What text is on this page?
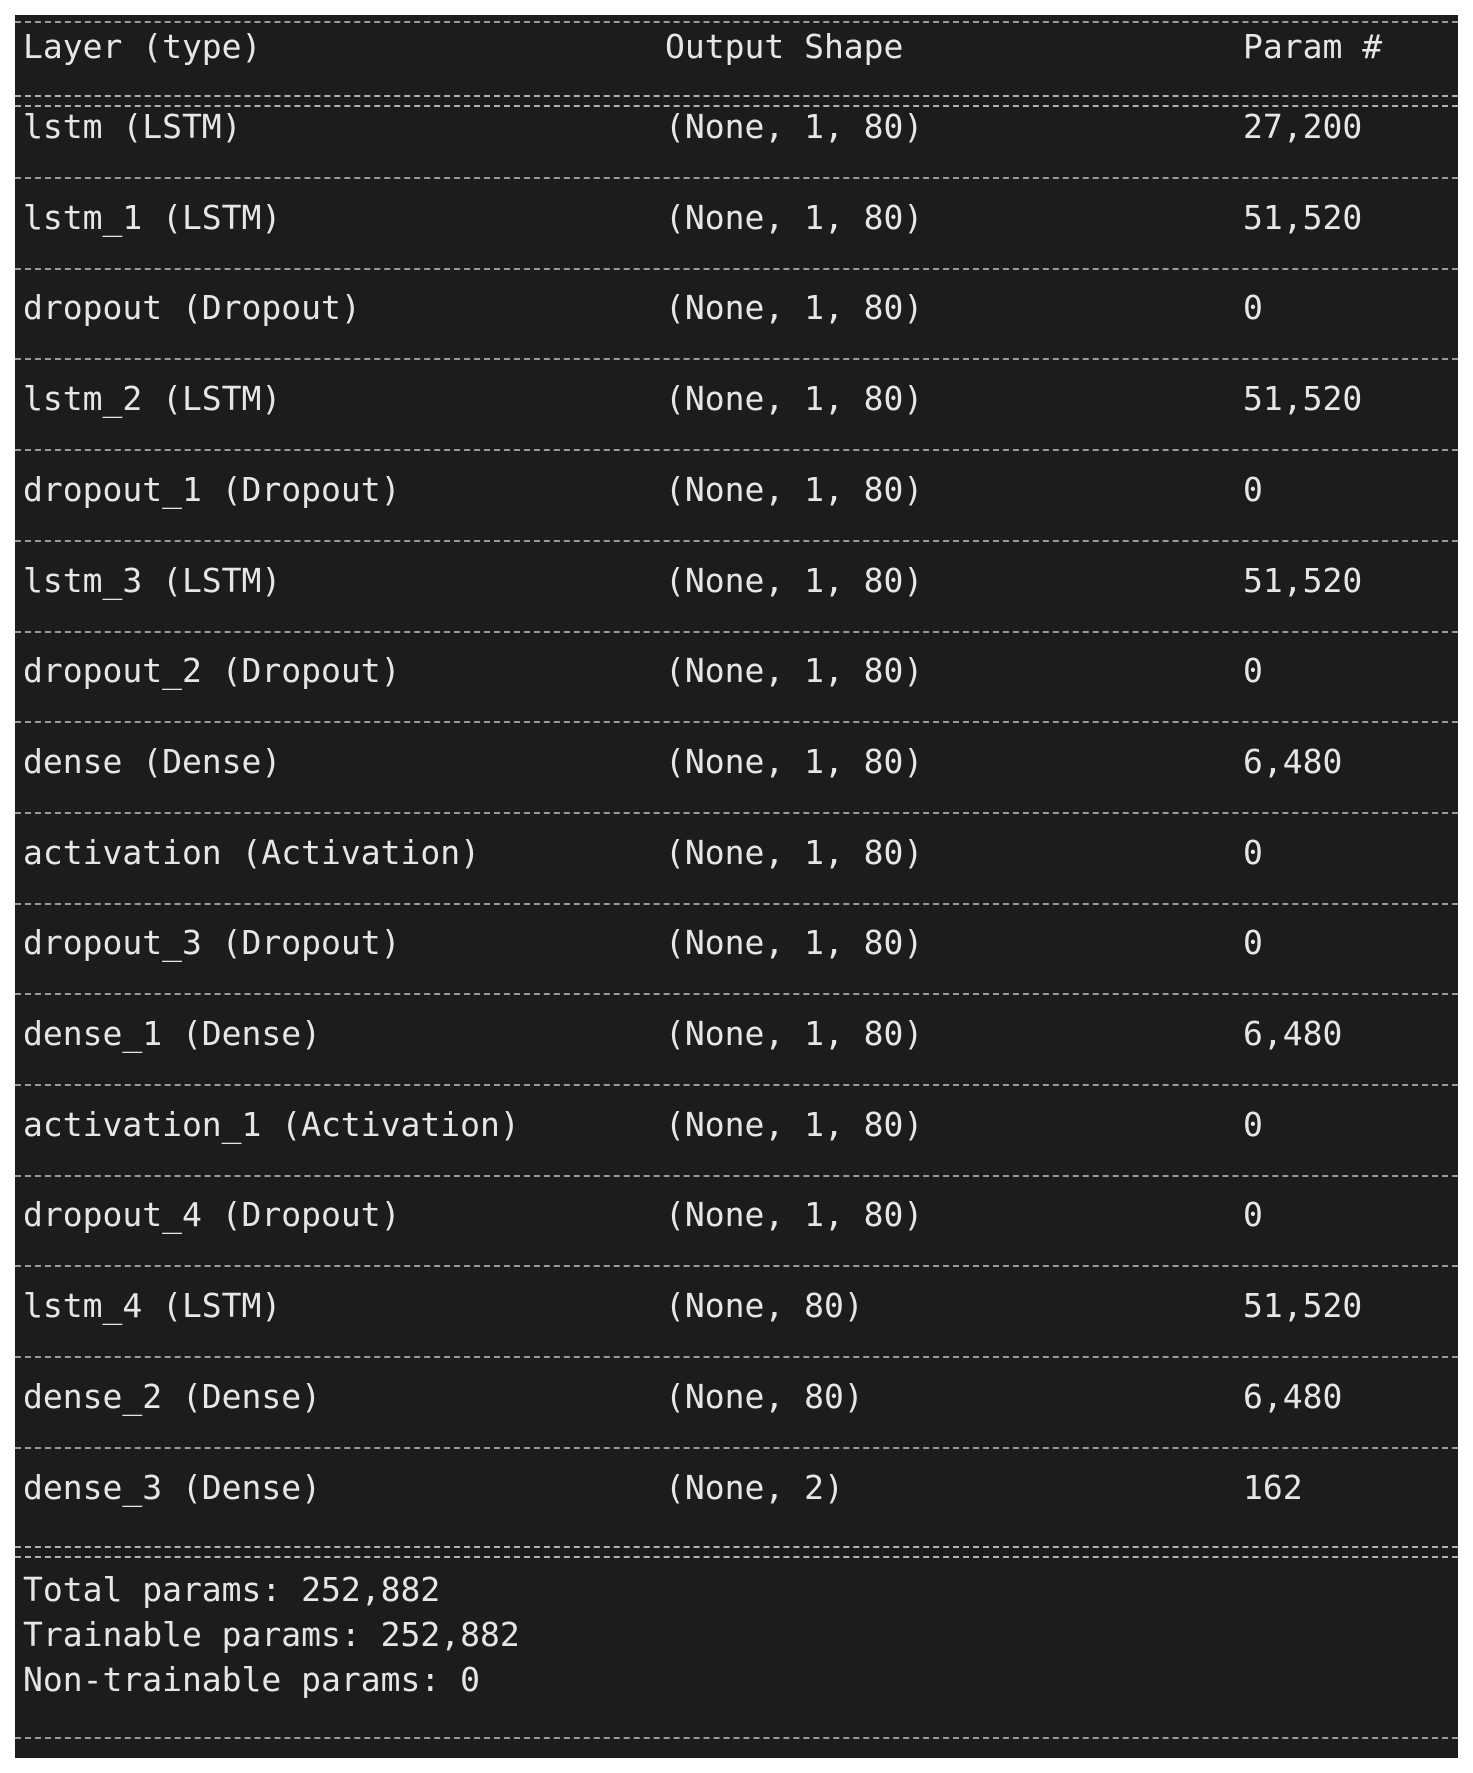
Layer (type)	Output Shape	Param #
lstm (LSTM)	(None, 1, 80)	27,200
lstm_1 (LSTM)	(None, 1, 80)	51,520
dropout (Dropout)	(None, 1, 80)	0
lstm_2 (LSTM)	(None, 1, 80)	51,520
dropout_1 (Dropout)	(None, 1, 80)	0
lstm_3 (LSTM)	(None, 1, 80)	51,520
dropout_2 (Dropout)	(None, 1, 80)	0
dense (Dense)	(None, 1, 80)	6,480
activation (Activation)	(None, 1, 80)	0
dropout_3 (Dropout)	(None, 1, 80)	0
dense_1 (Dense)	(None, 1, 80)	6,480
activation_1 (Activation)	(None, 1, 80)	0
dropout_4 (Dropout)	(None, 1, 80)	0
lstm_4 (LSTM)	(None, 80)	51,520
dense_2 (Dense)	(None, 80)	6,480
dense_3 (Dense)	(None, 2)	162
Total params: 252,882
Trainable params: 252,882
Non-trainable params: 0
